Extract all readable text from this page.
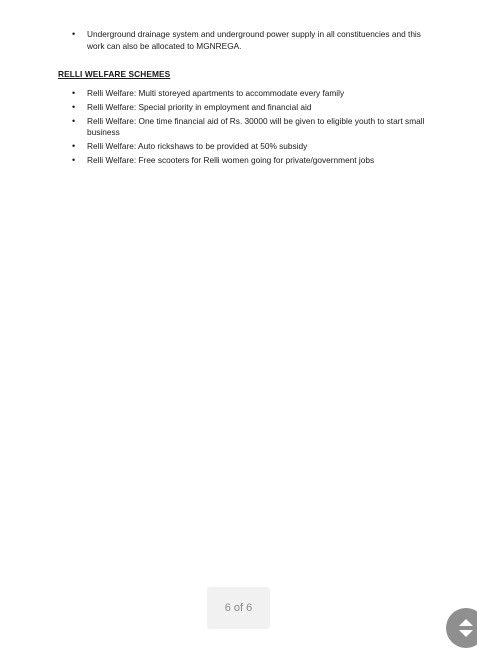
• Underground drainage system and underground power supply in all constituencies and this work can also be allocated to MGNREGA.
RELLI WELFARE SCHEMES
• Relli Welfare: Multi storeyed apartments to accommodate every family
• Relli Welfare: Special priority in employment and financial aid
• Relli Welfare: One time financial aid of Rs. 30000 will be given to eligible youth to start small business
• Relli Welfare: Auto rickshaws to be provided at 50% subsidy
• Relli Welfare: Free scooters for Relli women going for private/government jobs
6 of 6
